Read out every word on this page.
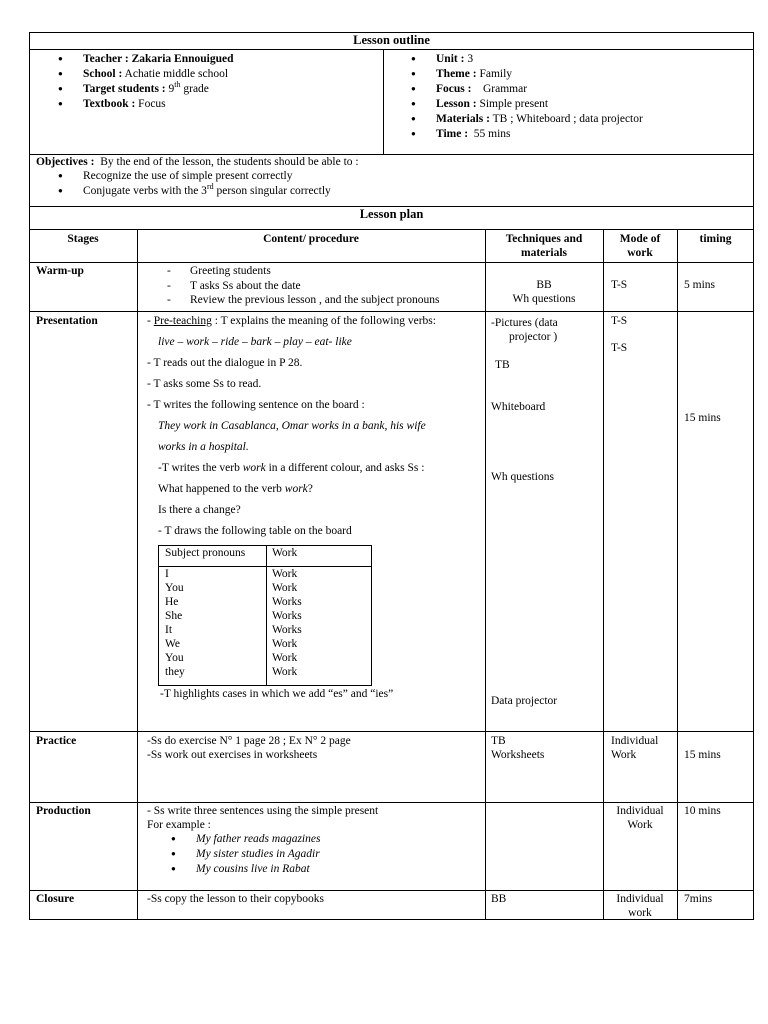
Lesson outline
● Teacher : Zakaria Ennouigued
● School : Achatie middle school
● Target students : 9th grade
● Textbook : Focus
● Unit : 3
● Theme : Family
● Focus : Grammar
● Lesson : Simple present
● Materials : TB ; Whiteboard ; data projector
● Time : 55 mins
Objectives : By the end of the lesson, the students should be able to :
● Recognize the use of simple present correctly
● Conjugate verbs with the 3rd person singular correctly
Lesson plan
Stages	Content/ procedure	Techniques and
materials
Mode of
work
timing
Warm-up
-	Greeting students
- T asks Ss about the date
- Review the previous lesson , and the subject pronouns
BB
Wh questions
T-S	5 mins
Presentation	- Pre-teaching : T explains the meaning of the following verbs:
live – work – ride – bark – play – eat- like
- T reads out the dialogue in P 28.
- T asks some Ss to read.
- T writes the following sentence on the board :
They work in Casablanca, Omar works in a bank, his wife
works in a hospital.
-T writes the verb work in a different colour, and asks Ss :
What happened to the verb work?
Is there a change?
- T draws the following table on the board
Subject pronouns Work
I
You
He
She
It
We
You
they
Work
Work
Works
Works
Works
Work
Work
Work
-T highlights cases in which we add “es” and “ies”
-Pictures (data
projector )
TB
Whiteboard
Wh questions
Data projector
T-S
T-S
15 mins
Practice	-Ss do exercise N° 1 page 28 ; Ex N° 2 page
-Ss work out exercises in worksheets
TB
Worksheets
Individual
Work	15 mins
Production	- Ss write three sentences using the simple present
For example :
● My father reads magazines
● My sister studies in Agadir
● My cousins live in Rabat
Individual
Work
10 mins
Closure	-Ss copy the lesson to their copybooks	BB	Individual
work
7mins
